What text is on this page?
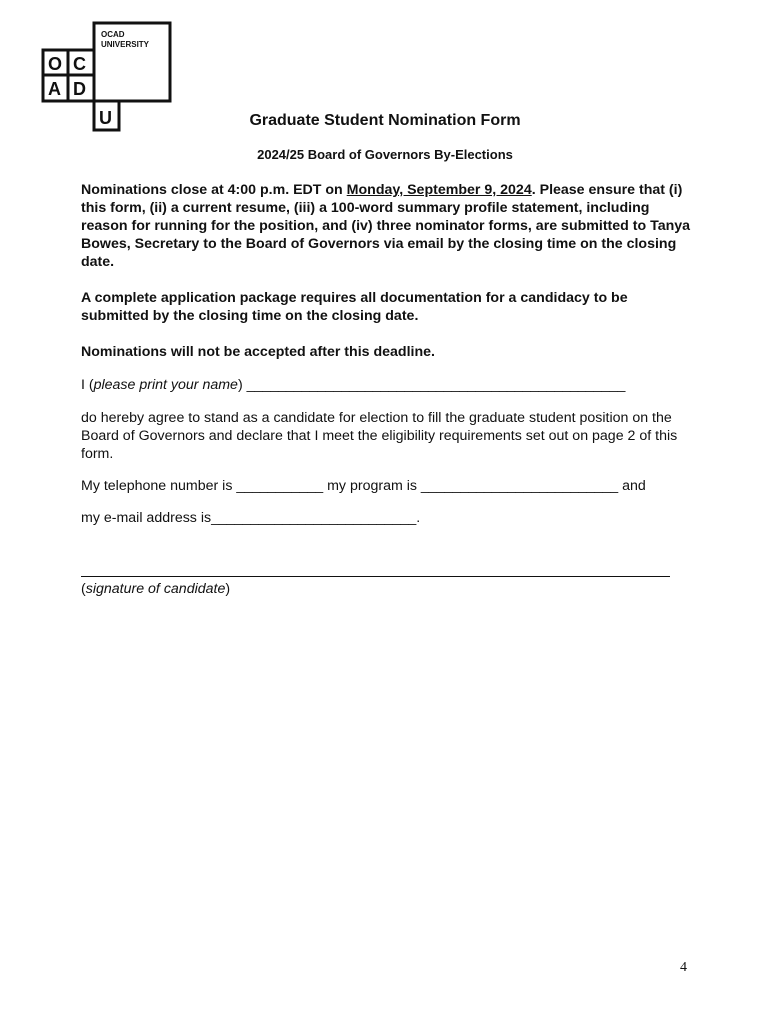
OCAD
UNIVERSITY
O C
A D
U	Graduate Student Nomination Form
2024/25 Board of Governors By-Elections

Nominations close at 4:00 p.m. EDT on Monday, September 9, 2024. Please ensure that (i) this form, (ii) a current resume, (iii) a 100-word summary profile statement, including reason for running for the position, and (iv) three nominator forms, are submitted to Tanya Bowes, Secretary to the Board of Governors via email by the closing time on the closing date.

A complete application package requires all documentation for a candidacy to be submitted by the closing time on the closing date.

Nominations will not be accepted after this deadline.

I (please print your name) ________________________________________________

do hereby agree to stand as a candidate for election to fill the graduate student position on the Board of Governors and declare that I meet the eligibility requirements set out on page 2 of this form.

My telephone number is ___________ my program is _________________________ and

my e-mail address is__________________________.

(signature of candidate)
4
